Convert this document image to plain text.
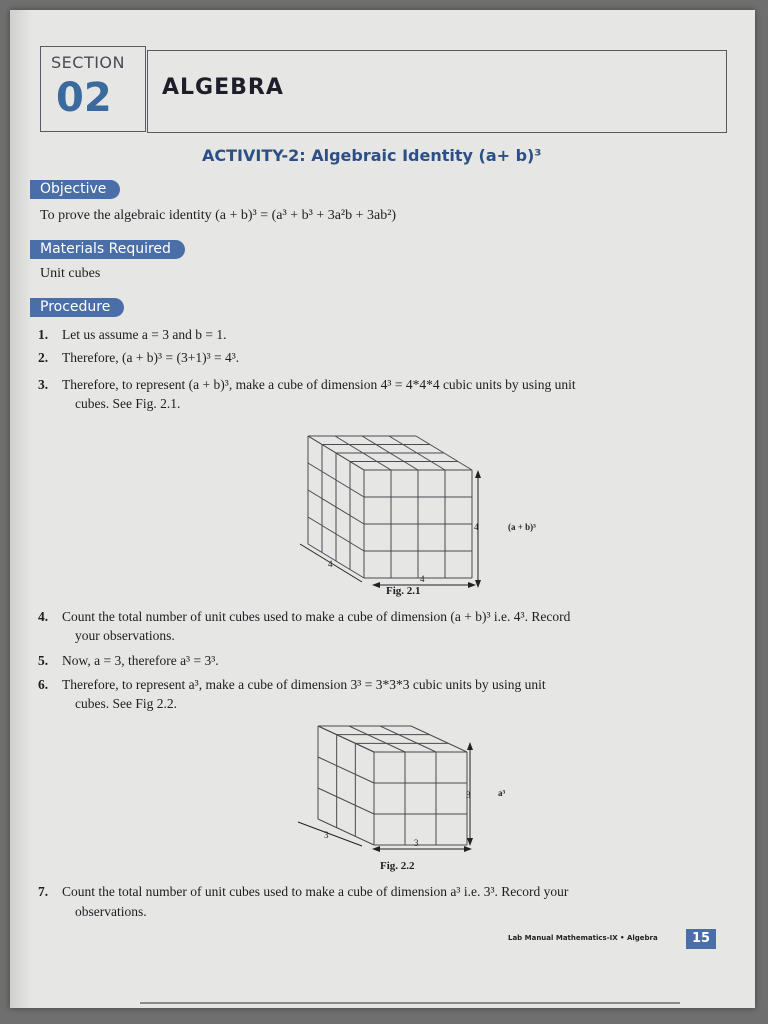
SECTION
02 ALGEBRA
ACTIVITY-2: Algebraic Identity (a+ b)³
Objective
To prove the algebraic identity (a + b)³ = (a³ + b³ + 3a²b + 3ab²)
Materials Required
Unit cubes
Procedure
1. Let us assume a = 3 and b = 1.
2. Therefore, (a + b)³ = (3+1)³ = 4³.
3. Therefore, to represent (a + b)³, make a cube of dimension 4³ = 4*4*4 cubic units by using unit
cubes. See Fig. 2.1.
4	(a + b)³
4
4
Fig. 2.1
4. Count the total number of unit cubes used to make a cube of dimension (a + b)³ i.e. 4³. Record
your observations.
5. Now, a = 3, therefore a³ = 3³.
6. Therefore, to represent a³, make a cube of dimension 3³ = 3*3*3 cubic units by using unit
cubes. See Fig 2.2.
3	a³
3
3
Fig. 2.2
7. Count the total number of unit cubes used to make a cube of dimension a³ i.e. 3³. Record your
observations.
Lab Manual Mathematics-IX • Algebra	15
